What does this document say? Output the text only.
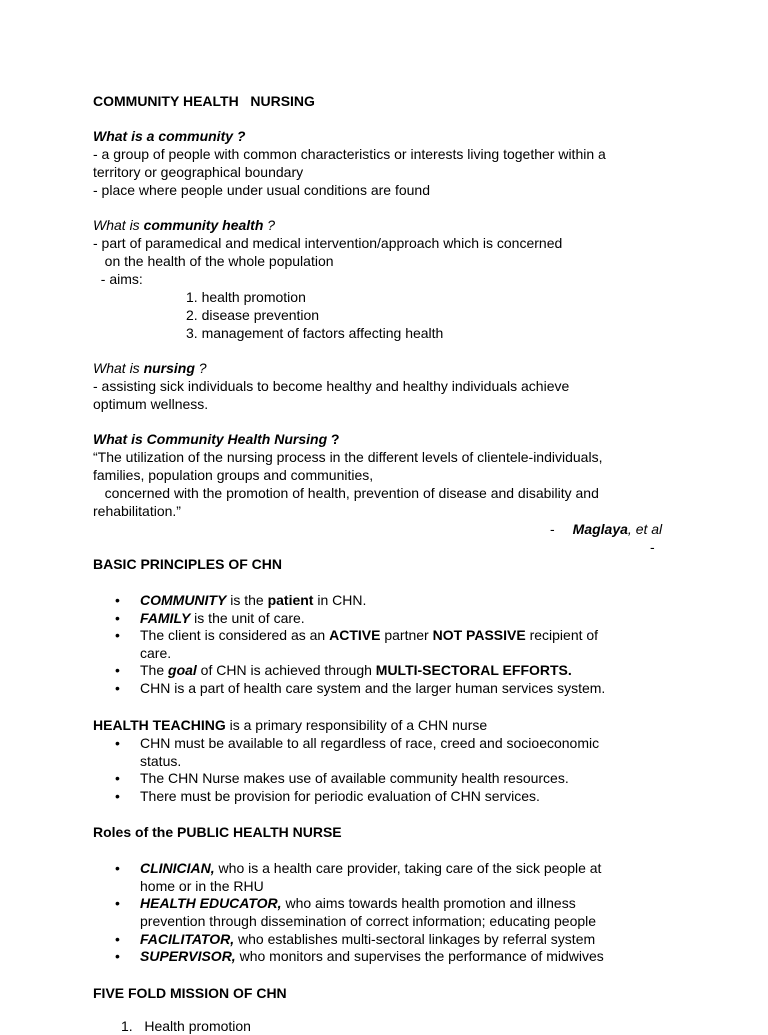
COMMUNITY HEALTH   NURSING
What is a community ?
- a group of people with common characteristics or interests living together within a
territory or geographical boundary
- place where people under usual conditions are found
What is community health ?
- part of paramedical and medical intervention/approach which is concerned
on the health of the whole population
- aims:
1. health promotion
2. disease prevention
3. management of factors affecting health
What is nursing ?
- assisting sick individuals to become healthy and healthy individuals achieve
optimum wellness.
What is Community Health Nursing ?
“The utilization of the nursing process in the different levels of clientele-individuals,
families, population groups and communities,
concerned with the promotion of health, prevention of disease and disability and
rehabilitation.”
- Maglaya, et al
-
BASIC PRINCIPLES OF CHN
• COMMUNITY is the patient in CHN.
• FAMILY is the unit of care.
• The client is considered as an ACTIVE partner NOT PASSIVE recipient of
care.
• The goal of CHN is achieved through MULTI-SECTORAL EFFORTS.
• CHN is a part of health care system and the larger human services system.
HEALTH TEACHING is a primary responsibility of a CHN nurse
• CHN must be available to all regardless of race, creed and socioeconomic
status.
• The CHN Nurse makes use of available community health resources.
• There must be provision for periodic evaluation of CHN services.
Roles of the PUBLIC HEALTH NURSE
• CLINICIAN, who is a health care provider, taking care of the sick people at
home or in the RHU
• HEALTH EDUCATOR, who aims towards health promotion and illness
prevention through dissemination of correct information; educating people
• FACILITATOR, who establishes multi-sectoral linkages by referral system
• SUPERVISOR, who monitors and supervises the performance of midwives
FIVE FOLD MISSION OF CHN
1.   Health promotion
